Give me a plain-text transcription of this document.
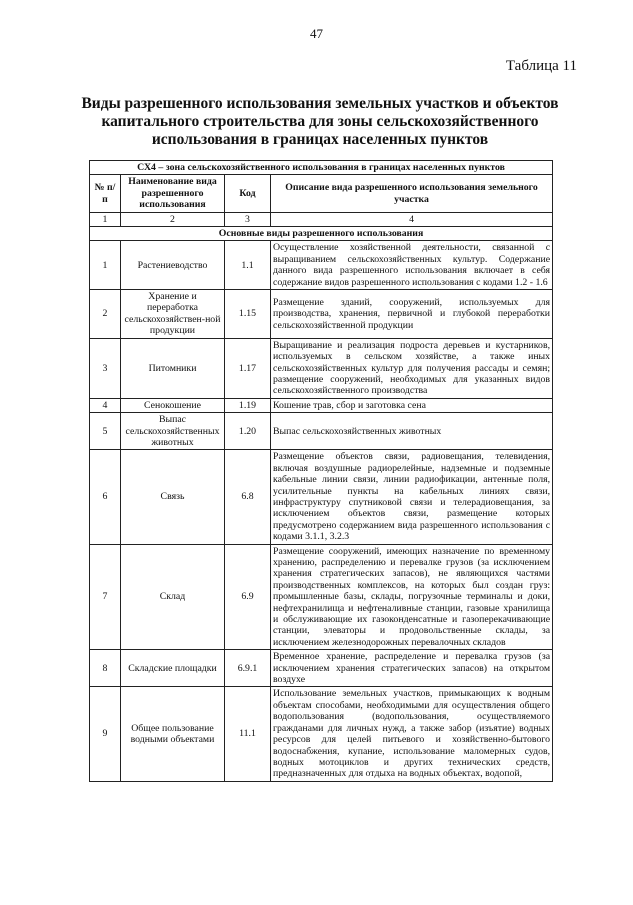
47
Таблица 11
Виды разрешенного использования земельных участков и объектов капитального строительства для зоны сельскохозяйственного использования в границах населенных пунктов
СХ4 – зона сельскохозяйственного использования в границах населенных пунктов			
№ п/п	Наименование вида разрешенного использования	Код	Описание вида разрешенного использования земельного участка
1	2	3	4
Основные виды разрешенного использования			
1	Растениеводство	1.1	Осуществление хозяйственной деятельности, связанной с выращиванием сельскохозяйственных культур. Содержание данного вида разрешенного использования включает в себя содержание видов разрешенного использования с кодами 1.2 - 1.6
2	Хранение и переработка сельскохозяйствен-ной продукции	1.15	Размещение зданий, сооружений, используемых для производства, хранения, первичной и глубокой переработки сельскохозяйственной продукции
3	Питомники	1.17	Выращивание и реализация подроста деревьев и кустарников, используемых в сельском хозяйстве, а также иных сельскохозяйственных культур для получения рассады и семян; размещение сооружений, необходимых для указанных видов сельскохозяйственного производства
4	Сенокошение	1.19	Кошение трав, сбор и заготовка сена
5	Выпас сельскохозяйственных животных	1.20	Выпас сельскохозяйственных животных
6	Связь	6.8	Размещение объектов связи, радиовещания, телевидения, включая воздушные радиорелейные, надземные и подземные кабельные линии связи, линии радиофикации, антенные поля, усилительные пункты на кабельных линиях связи, инфраструктуру спутниковой связи и телерадиовещания, за исключением объектов связи, размещение которых предусмотрено содержанием вида разрешенного использования с кодами 3.1.1, 3.2.3
7	Склад	6.9	Размещение сооружений, имеющих назначение по временному хранению, распределению и перевалке грузов (за исключением хранения стратегических запасов), не являющихся частями производственных комплексов, на которых был создан груз: промышленные базы, склады, погрузочные терминалы и доки, нефтехранилища и нефтеналивные станции, газовые хранилища и обслуживающие их газоконденсатные и газоперекачивающие станции, элеваторы и продовольственные склады, за исключением железнодорожных перевалочных складов
8	Складские площадки	6.9.1	Временное хранение, распределение и перевалка грузов (за исключением хранения стратегических запасов) на открытом воздухе
9	Общее пользование водными объектами	11.1	Использование земельных участков, примыкающих к водным объектам способами, необходимыми для осуществления общего водопользования (водопользования, осуществляемого гражданами для личных нужд, а также забор (изъятие) водных ресурсов для целей питьевого и хозяйственно-бытового водоснабжения, купание, использование маломерных судов, водных мотоциклов и других технических средств, предназначенных для отдыха на водных объектах, водопой,
